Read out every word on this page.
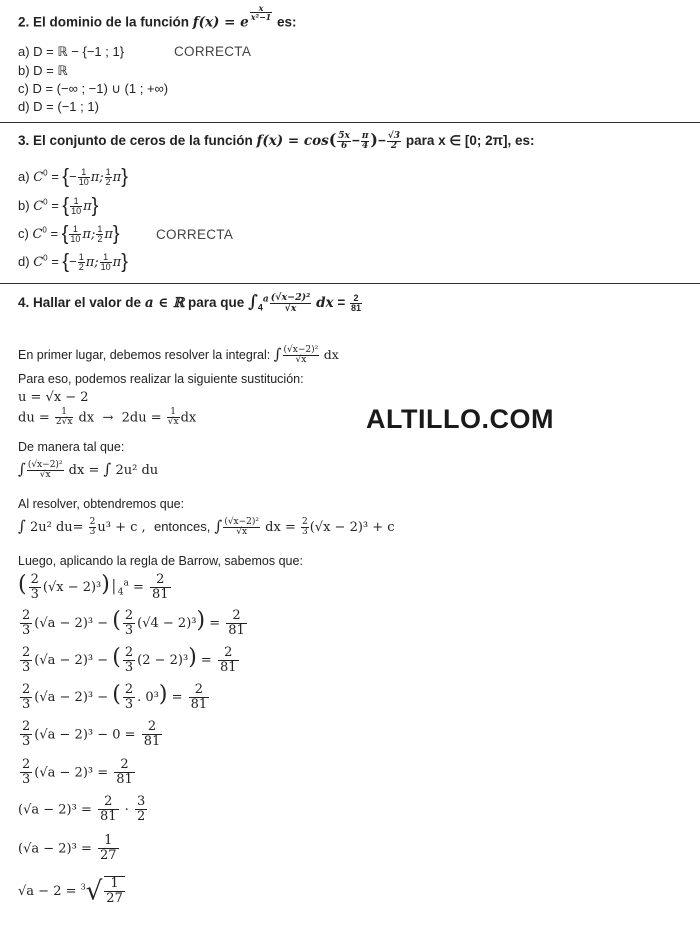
2. El dominio de la función f(x) = e
$^{\frac{x}{\text{x²−1}}}$
es:
a) D = ℝ − {−1 ; 1}	CORRECTA
b) D = ℝ
c) D = (−∞ ; −1) ∪ (1 ; +∞)
d) D = (−1 ; 1)
3. El conjunto de ceros de la función $f(x) = \cos( \frac{5x}{6} - \frac{\pi}{4}$ )− $\frac{√3}{2}$ para x ∈ [0; 2π], es:
a) $C^0$ = {− $\frac{1}{10} \pi$; $\frac{1}{2} \pi$}
b) $C^0$ = { $\frac{1}{10} \pi$}
c) $C^0$ = { $\frac{1}{10} \pi$; $\frac{1}{2} \pi$}	CORRECTA
d) $C^0$ = {− $\frac{1}{2} \pi$; $\frac{1}{10} \pi$}
4. Hallar el valor de a ∈ ℝ para que $\int_4^a \frac{\text{(√x−2)²}}{√x}$ dx = $\frac{2}{81}$
En primer lugar, debemos resolver la integral: ∫ $\frac{\text{(√x−2)²}}{√x}$ dx
Para eso, podemos realizar la siguiente sustitución:
u = √x − 2
du = $\frac{1}{2√x}$ dx  →  $2du = \frac{1}{√x}$ dx
De manera tal que:
∫ $\frac{\text{(√x−2)²}}{√x}$ dx = ∫ 2u² du
Al resolver, obtendremos que:
∫ 2u² $du= \frac{2}{3} u^3 + c$ ,  entonces, ∫ $\frac{\text{(√x−2)²}}{√x}$ dx = $\frac{2}{3} (√x - 2)^3 + c$
Luego, aplicando la regla de Barrow, sabemos que:
( $\frac{2}{3} (√x$ − $2)^3)│_4^a = \frac{2}{81}$
$\frac{2}{3} (√a - 2)^3$ − ( $\frac{2}{3} (√4 - 2)^3) = \frac{2}{81}$
$\frac{2}{3} (√a - 2)^3$ − ( $\frac{2}{3} (2 - 2)^3) = \frac{2}{81}$
$\frac{2}{3} (√a - 2)^3$ − ( $\frac{2}{3}$ . $0^3) = \frac{2}{81}$
$\frac{2}{3} (√a - 2)^3 - 0 = \frac{2}{81}$
$\frac{2}{3} (√a - 2)^3 = \frac{2}{81}$
$(√a - 2)^3 = \frac{2}{81} \cdot \frac{3}{2}$
$(√a - 2)^3 = \frac{1}{27}$
$√a - 2 = ^3√ \frac{1}{27}$
ALTILLO.COM
